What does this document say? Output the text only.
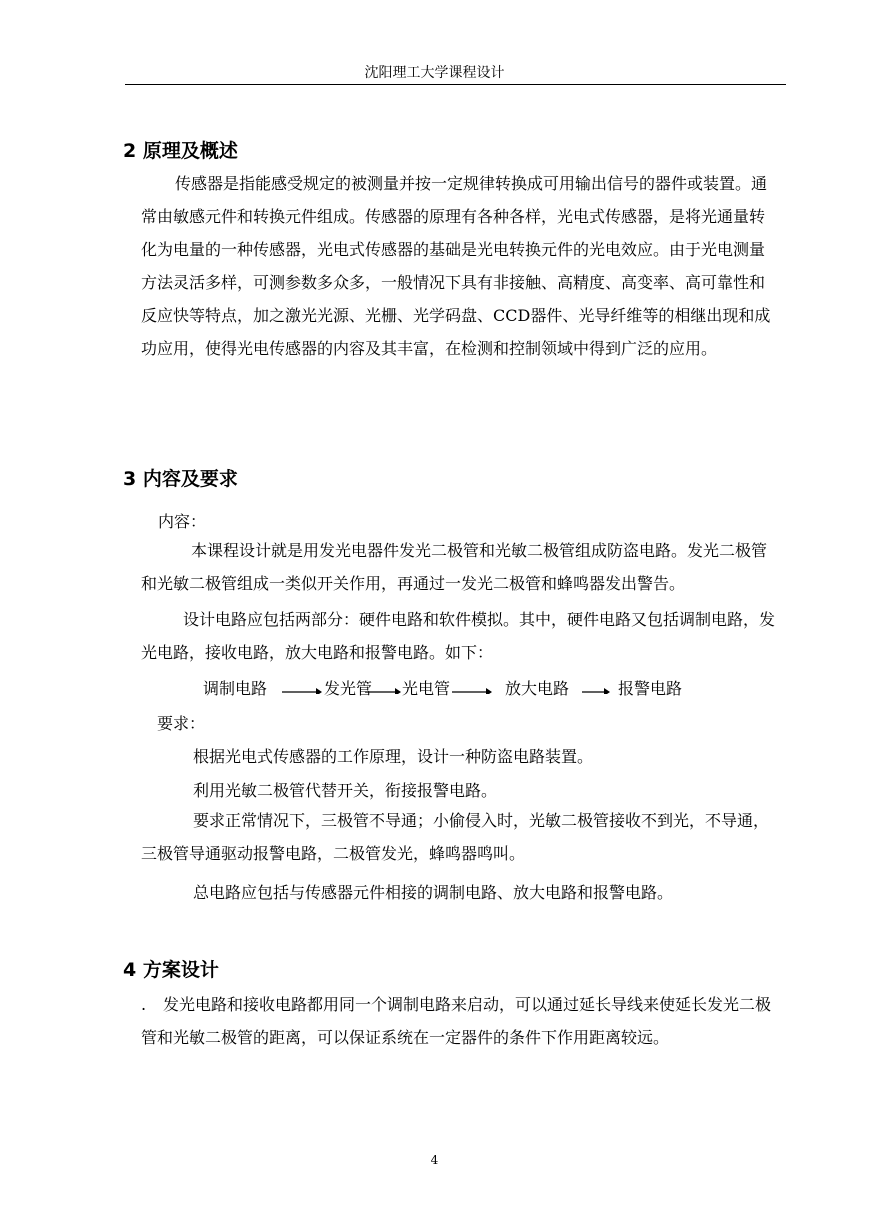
沈阳理工大学课程设计
2 原理及概述

传感器是指能感受规定的被测量并按一定规律转换成可用输出信号的器件或装置。通常由敏感元件和转换元件组成。传感器的原理有各种各样，光电式传感器，是将光通量转化为电量的一种传感器，光电式传感器的基础是光电转换元件的光电效应。由于光电测量方法灵活多样，可测参数多众多，一般情况下具有非接触、高精度、高变率、高可靠性和反应快等特点，加之激光光源、光栅、光学码盘、CCD器件、光导纤维等的相继出现和成功应用，使得光电传感器的内容及其丰富，在检测和控制领域中得到广泛的应用。

3 内容及要求
内容：

本课程设计就是用发光电器件发光二极管和光敏二极管组成防盗电路。发光二极管和光敏二极管组成一类似开关作用，再通过一发光二极管和蜂鸣器发出警告。

设计电路应包括两部分：硬件电路和软件模拟。其中，硬件电路又包括调制电路，发光电路，接收电路，放大电路和报警电路。如下：

调制电路	发光管 光电管	放大电路	报警电路
要求：
根据光电式传感器的工作原理，设计一种防盗电路装置。
利用光敏二极管代替开关，衔接报警电路。

要求正常情况下，三极管不导通；小偷侵入时，光敏二极管接收不到光，不导通，三极管导通驱动报警电路，二极管发光，蜂鸣器鸣叫。

总电路应包括与传感器元件相接的调制电路、放大电路和报警电路。
4 方案设计
.	发光电路和接收电路都用同一个调制电路来启动，可以通过延长导线来使延长发光二极管和光敏二极管的距离，可以保证系统在一定器件的条件下作用距离较远。

4
